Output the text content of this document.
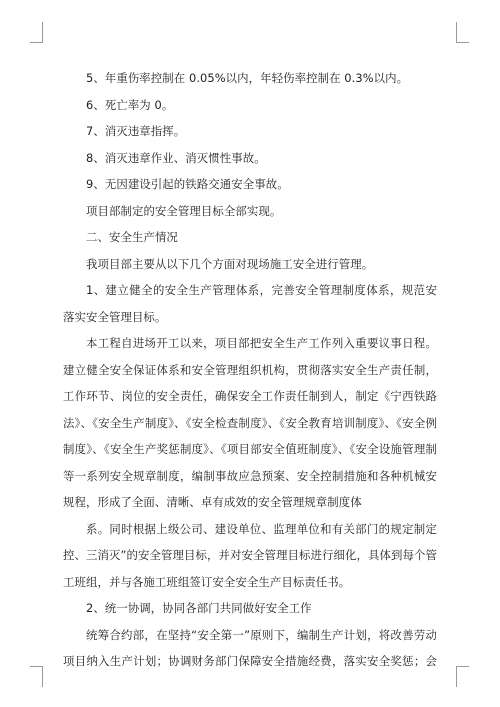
5、年重伤率控制在 0.05%以内，年轻伤率控制在 0.3%以内。
6、死亡率为 0。
7、消灭违章指挥。
8、消灭违章作业、消灭惯性事故。
9、无因建设引起的铁路交通安全事故。
项目部制定的安全管理目标全部实现。
二、安全生产情况
我项目部主要从以下几个方面对现场施工安全进行管理。
1、建立健全的安全生产管理体系，完善安全管理制度体系，规范安
落实安全管理目标。
本工程自进场开工以来，项目部把安全生产工作列入重要议事日程。
建立健全安全保证体系和安全管理组织机构，贯彻落实安全生产责任制，
工作环节、岗位的安全责任，确保安全工作责任制到人，制定《宁西铁路
法》、《安全生产制度》、《安全检查制度》、《安全教育培训制度》、《安全例
制度》、《安全生产奖惩制度》、《项目部安全值班制度》、《安全设施管理制
等一系列安全规章制度，编制事故应急预案、安全控制措施和各种机械安
规程，形成了全面、清晰、卓有成效的安全管理规章制度体
系。同时根据上级公司、建设单位、监理单位和有关部门的规定制定
控、三消灭”的安全管理目标，并对安全管理目标进行细化，具体到每个管
工班组，并与各施工班组签订安全安全生产目标责任书。
2、统一协调，协同各部门共同做好安全工作
统筹合约部，在坚持“安全第一”原则下，编制生产计划，将改善劳动
项目纳入生产计划；协调财务部门保障安全措施经费，落实安全奖惩；会
